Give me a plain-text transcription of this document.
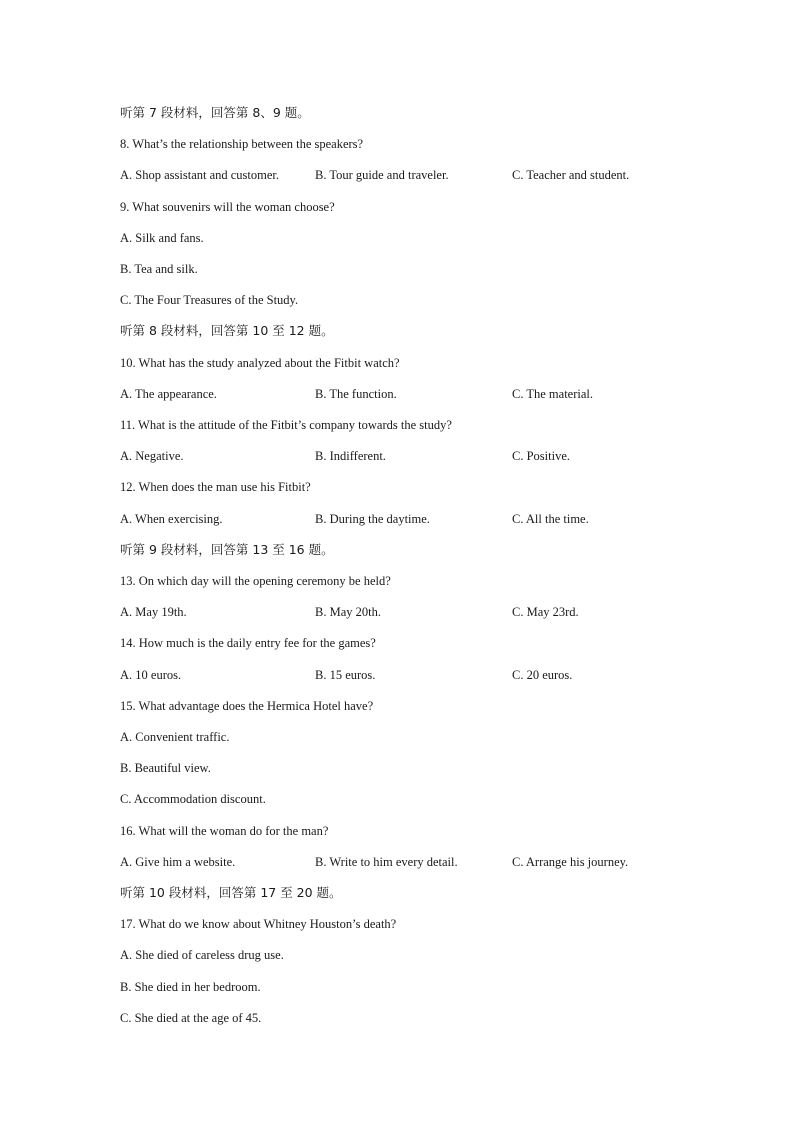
听第 7 段材料，回答第 8、9 题。
8. What’s the relationship between the speakers?
A. Shop assistant and customer.	B. Tour guide and traveler.	C. Teacher and student.
9. What souvenirs will the woman choose?
A. Silk and fans.
B. Tea and silk.
C. The Four Treasures of the Study.
听第 8 段材料，回答第 10 至 12 题。
10. What has the study analyzed about the Fitbit watch?
A. The appearance.	B. The function.	C. The material.
11. What is the attitude of the Fitbit’s company towards the study?
A. Negative.	B. Indifferent.	C. Positive.
12. When does the man use his Fitbit?
A. When exercising.	B. During the daytime.	C. All the time.
听第 9 段材料，回答第 13 至 16 题。
13. On which day will the opening ceremony be held?
A. May 19th.	B. May 20th.	C. May 23rd.
14. How much is the daily entry fee for the games?
A. 10 euros.	B. 15 euros.	C. 20 euros.
15. What advantage does the Hermica Hotel have?
A. Convenient traffic.
B. Beautiful view.
C. Accommodation discount.
16. What will the woman do for the man?
A. Give him a website.	B. Write to him every detail.	C. Arrange his journey.
听第 10 段材料，回答第 17 至 20 题。
17. What do we know about Whitney Houston’s death?
A. She died of careless drug use.
B. She died in her bedroom.
C. She died at the age of 45.
